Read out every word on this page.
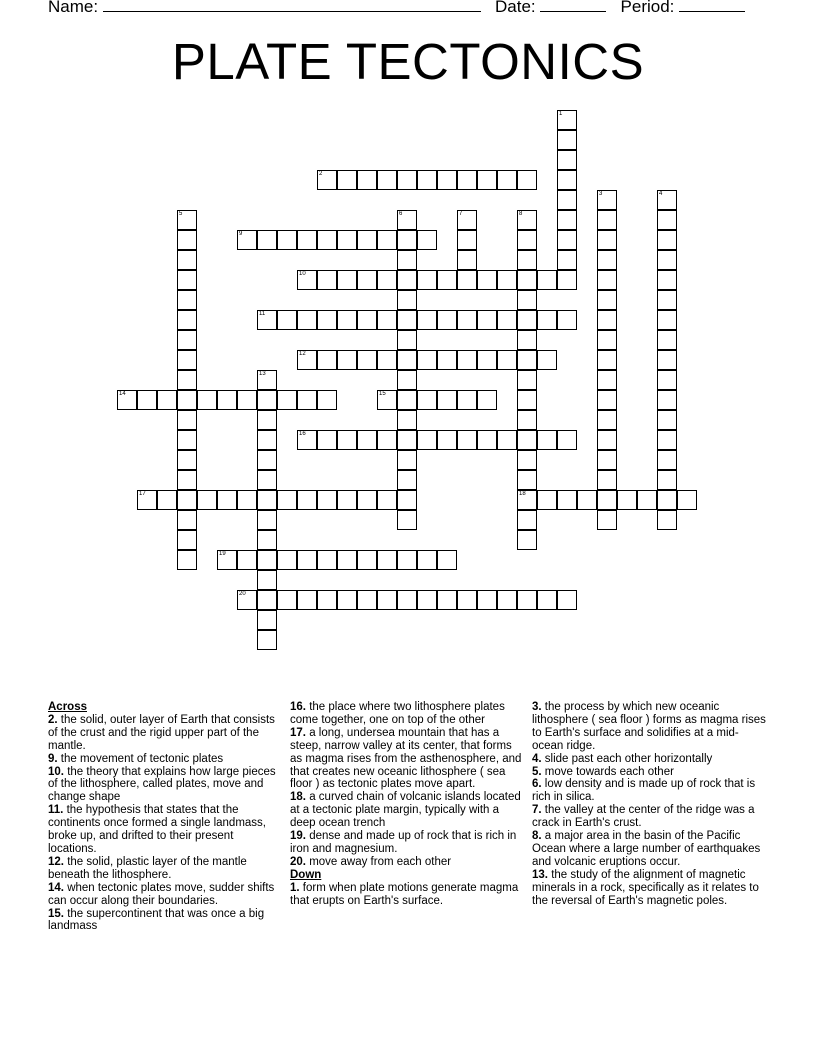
Name:	Date:	Period:
PLATE TECTONICS
1
2
3	4
5	6	7	8
9
10
11
12
13
14	15
16
17	18
19
20

Across

2. the solid, outer layer of Earth that consists of the crust and the rigid upper part of the mantle.

9. the movement of tectonic plates

10. the theory that explains how large pieces of the lithosphere, called plates, move and change shape

11. the hypothesis that states that the continents once formed a single landmass, broke up, and drifted to their present locations.

12. the solid, plastic layer of the mantle beneath the lithosphere.

14. when tectonic plates move, sudder shifts can occur along their boundaries.

15. the supercontinent that was once a big landmass

16. the place where two lithosphere plates come together, one on top of the other

17. a long, undersea mountain that has a steep, narrow valley at its center, that forms as magma rises from the asthenosphere, and that creates new oceanic lithosphere ( sea floor ) as tectonic plates move apart.

18. a curved chain of volcanic islands located at a tectonic plate margin, typically with a deep ocean trench

19. dense and made up of rock that is rich in iron and magnesium.

20. move away from each other

Down

1. form when plate motions generate magma that erupts on Earth's surface.

3. the process by which new oceanic lithosphere ( sea floor ) forms as magma rises to Earth's surface and solidifies at a mid-ocean ridge.

4. slide past each other horizontally

5. move towards each other

6. low density and is made up of rock that is rich in silica.

7. the valley at the center of the ridge was a crack in Earth's crust.

8. a major area in the basin of the Pacific Ocean where a large number of earthquakes and volcanic eruptions occur.

13. the study of the alignment of magnetic minerals in a rock, specifically as it relates to the reversal of Earth's magnetic poles.
